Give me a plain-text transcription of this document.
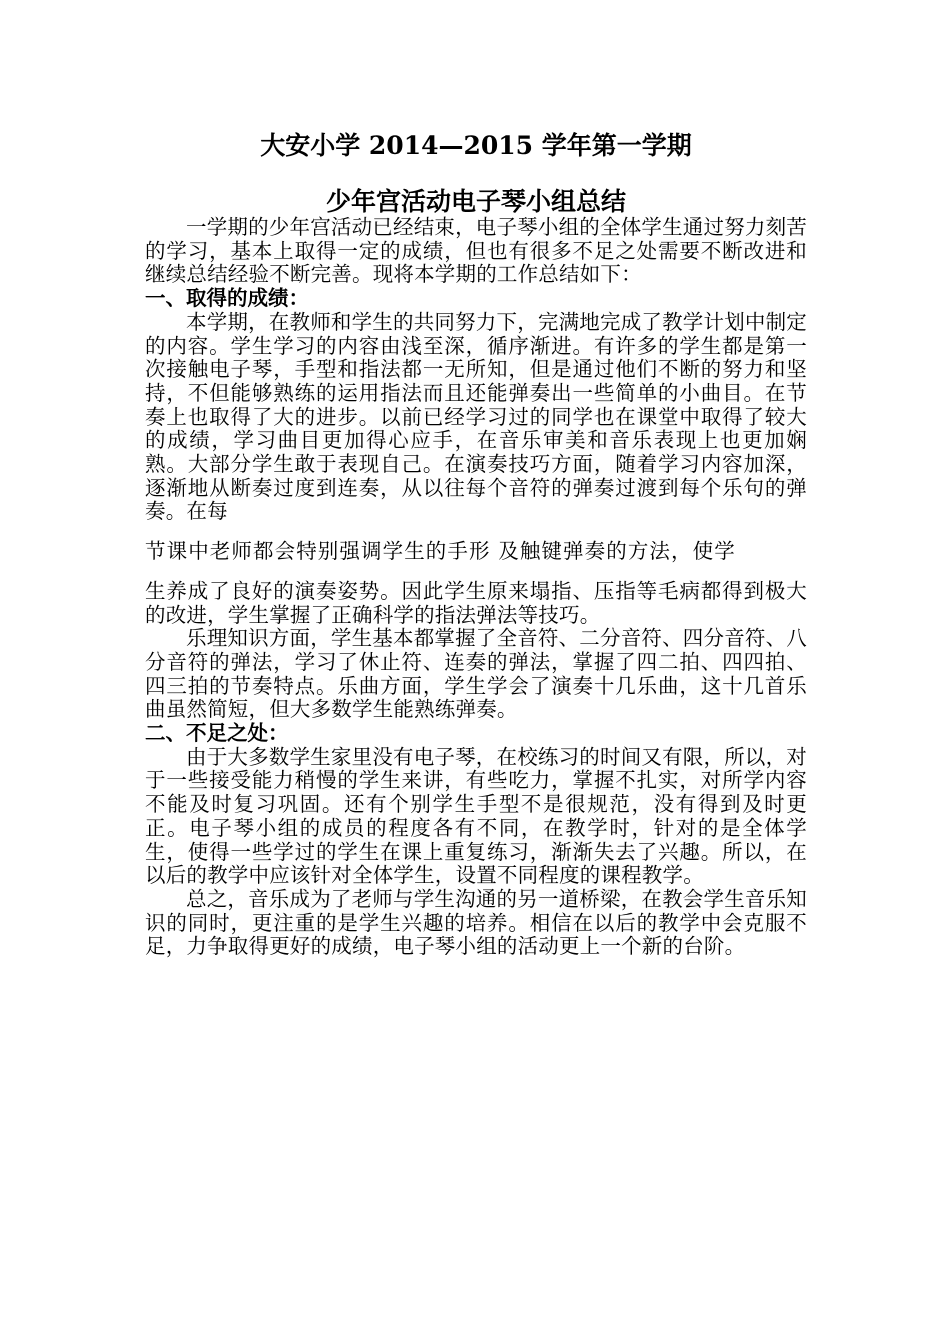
大安小学 2014—2015 学年第一学期
少年宫活动电子琴小组总结

一学期的少年宫活动已经结束，电子琴小组的全体学生通过努力刻苦的学习，基本上取得一定的成绩，但也有很多不足之处需要不断改进和继续总结经验不断完善。现将本学期的工作总结如下：

一、取得的成绩：

本学期，在教师和学生的共同努力下，完满地完成了教学计划中制定的内容。学生学习的内容由浅至深，循序渐进。有许多的学生都是第一次接触电子琴，手型和指法都一无所知，但是通过他们不断的努力和坚持，不但能够熟练的运用指法而且还能弹奏出一些简单的小曲目。在节奏上也取得了大的进步。以前已经学习过的同学也在课堂中取得了较大的成绩，学习曲目更加得心应手，在音乐审美和音乐表现上也更加娴熟。大部分学生敢于表现自己。在演奏技巧方面，随着学习内容加深，逐渐地从断奏过度到连奏，从以往每个音符的弹奏过渡到每个乐句的弹奏。在每

节课中老师都会特别强调学生的手形 及触键弹奏的方法，使学

生养成了良好的演奏姿势。因此学生原来塌指、压指等毛病都得到极大的改进，学生掌握了正确科学的指法弹法等技巧。

乐理知识方面，学生基本都掌握了全音符、二分音符、四分音符、八分音符的弹法，学习了休止符、连奏的弹法，掌握了四二拍、四四拍、四三拍的节奏特点。乐曲方面，学生学会了演奏十几乐曲，这十几首乐曲虽然简短，但大多数学生能熟练弹奏。

二、不足之处：

由于大多数学生家里没有电子琴，在校练习的时间又有限，所以，对于一些接受能力稍慢的学生来讲，有些吃力，掌握不扎实，对所学内容不能及时复习巩固。还有个别学生手型不是很规范，没有得到及时更正。电子琴小组的成员的程度各有不同，在教学时，针对的是全体学生，使得一些学过的学生在课上重复练习，渐渐失去了兴趣。所以，在以后的教学中应该针对全体学生，设置不同程度的课程教学。

总之，音乐成为了老师与学生沟通的另一道桥梁，在教会学生音乐知识的同时，更注重的是学生兴趣的培养。相信在以后的教学中会克服不足，力争取得更好的成绩，电子琴小组的活动更上一个新的台阶。
